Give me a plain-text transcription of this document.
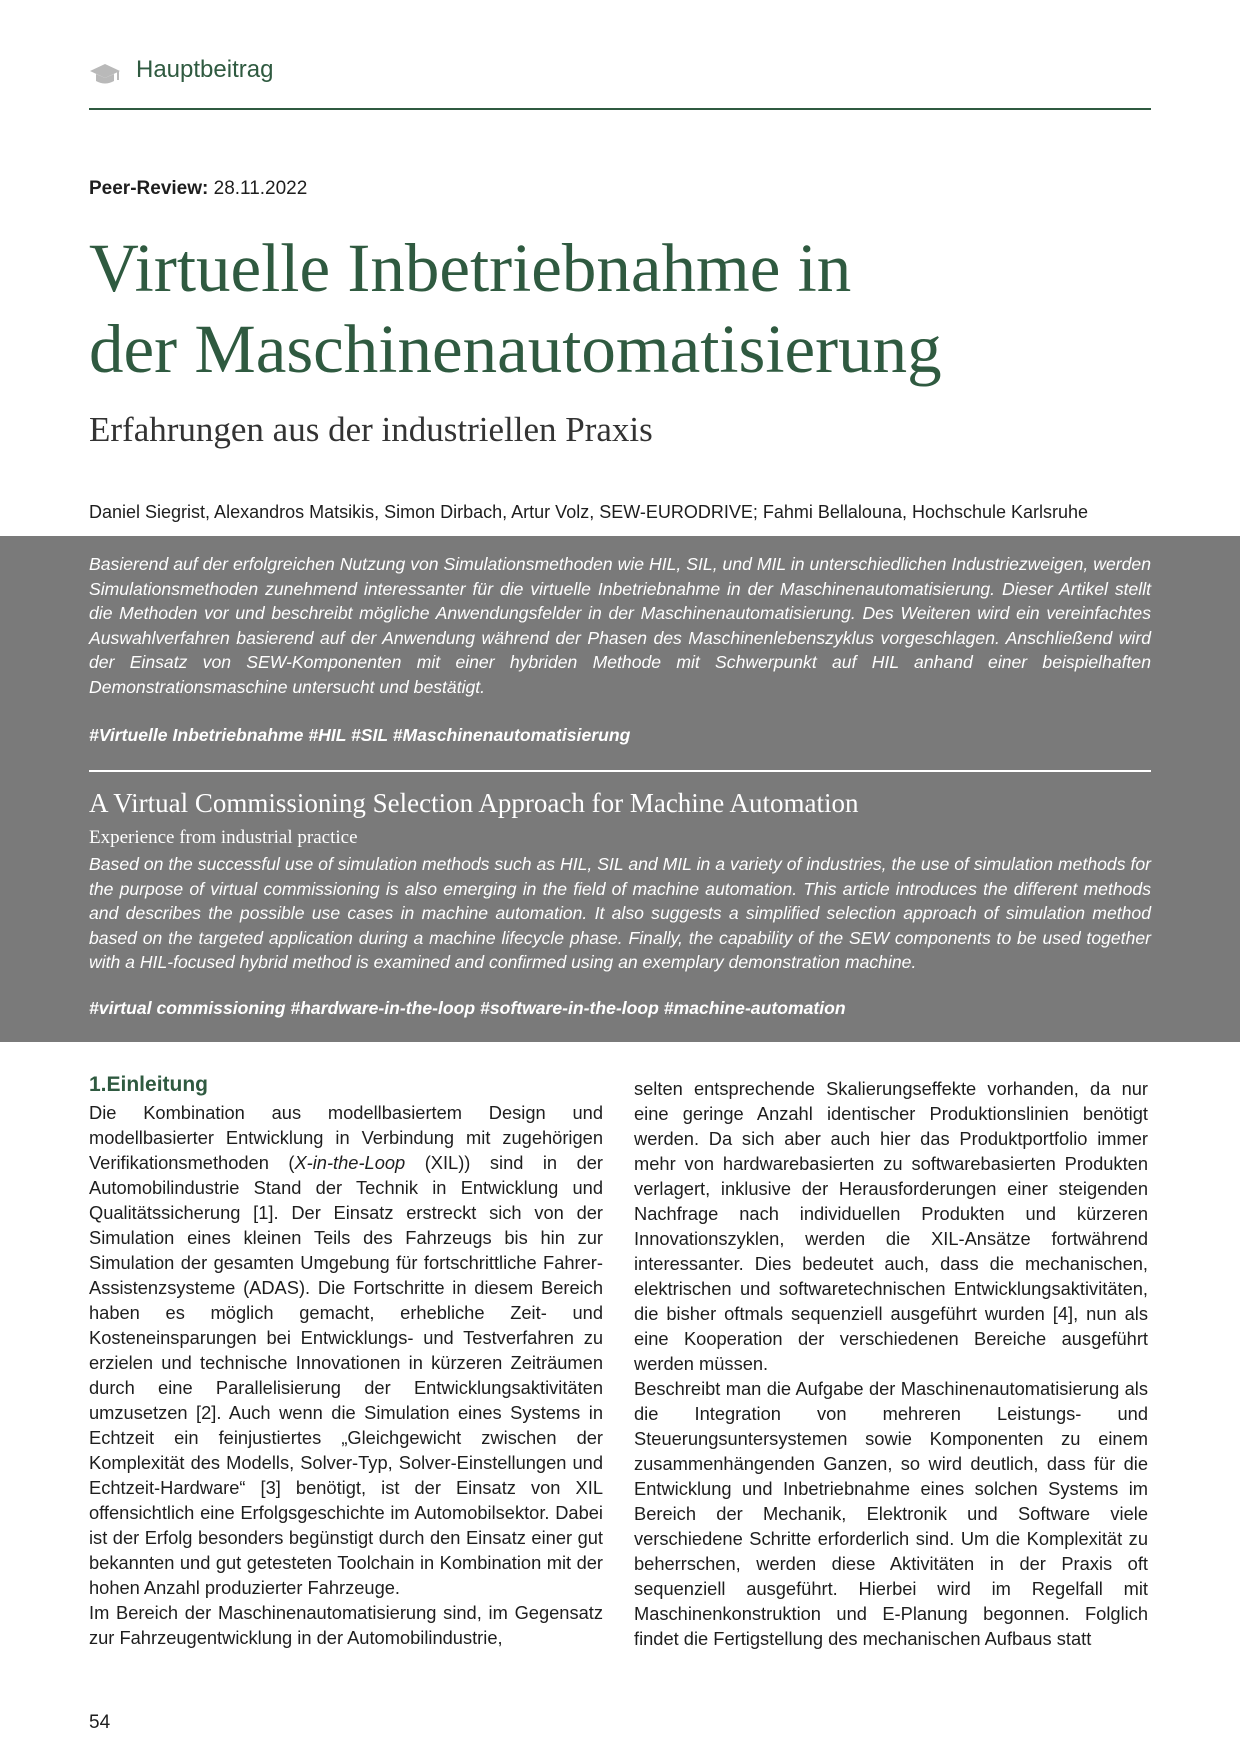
Hauptbeitrag
Peer-Review: 28.11.2022
Virtuelle Inbetriebnahme in
der Maschinenautomatisierung
Erfahrungen aus der industriellen Praxis
Daniel Siegrist, Alexandros Matsikis, Simon Dirbach, Artur Volz, SEW-EURODRIVE; Fahmi Bellalouna, Hochschule Karlsruhe
Basierend auf der erfolgreichen Nutzung von Simulationsmethoden wie HIL, SIL, und MIL in unterschiedlichen Industriezweigen, werden Simulationsmethoden zunehmend interessanter für die virtuelle Inbetriebnahme in der Maschinenautomatisierung. Dieser Artikel stellt die Methoden vor und beschreibt mögliche Anwendungsfelder in der Maschinenautomatisierung. Des Weiteren wird ein vereinfachtes Auswahlverfahren basierend auf der Anwendung während der Phasen des Maschinenlebenszyklus vorgeschlagen. Anschließend wird der Einsatz von SEW-Komponenten mit einer hybriden Methode mit Schwerpunkt auf HIL anhand einer beispielhaften Demonstrationsmaschine untersucht und bestätigt.
#Virtuelle Inbetriebnahme #HIL #SIL #Maschinenautomatisierung
A Virtual Commissioning Selection Approach for Machine Automation
Experience from industrial practice
Based on the successful use of simulation methods such as HIL, SIL and MIL in a variety of industries, the use of simulation methods for the purpose of virtual commissioning is also emerging in the field of machine automation. This article introduces the different methods and describes the possible use cases in machine automation. It also suggests a simplified selection approach of simulation method based on the targeted application during a machine lifecycle phase. Finally, the capability of the SEW components to be used together with a HIL-focused hybrid method is examined and confirmed using an exemplary demonstration machine.
#virtual commissioning #hardware-in-the-loop #software-in-the-loop #machine-automation
1.Einleitung

Die Kombination aus modellbasiertem Design und modellbasierter Entwicklung in Verbindung mit zugehörigen Verifikationsmethoden (X-in-the-Loop (XIL)) sind in der Automobilindustrie Stand der Technik in Entwicklung und Qualitätssicherung [1]. Der Einsatz erstreckt sich von der Simulation eines kleinen Teils des Fahrzeugs bis hin zur Simulation der gesamten Umgebung für fortschrittliche Fahrer-Assistenzsysteme (ADAS). Die Fortschritte in diesem Bereich haben es möglich gemacht, erhebliche Zeit- und Kosteneinsparungen bei Entwicklungs- und Testverfahren zu erzielen und technische Innovationen in kürzeren Zeiträumen durch eine Parallelisierung der Entwicklungsaktivitäten umzusetzen [2]. Auch wenn die Simulation eines Systems in Echtzeit ein feinjustiertes „Gleichgewicht zwischen der Komplexität des Modells, Solver-Typ, Solver-Einstellungen und Echtzeit-Hardware“ [3] benötigt, ist der Einsatz von XIL offensichtlich eine Erfolgsgeschichte im Automobilsektor. Dabei ist der Erfolg besonders begünstigt durch den Einsatz einer gut bekannten und gut getesteten Toolchain in Kombination mit der hohen Anzahl produzierter Fahrzeuge.

Im Bereich der Maschinenautomatisierung sind, im Gegensatz zur Fahrzeugentwicklung in der Automobilindustrie,

selten entsprechende Skalierungseffekte vorhanden, da nur eine geringe Anzahl identischer Produktionslinien benötigt werden. Da sich aber auch hier das Produktportfolio immer mehr von hardwarebasierten zu softwarebasierten Produkten verlagert, inklusive der Herausforderungen einer steigenden Nachfrage nach individuellen Produkten und kürzeren Innovationszyklen, werden die XIL-Ansätze fortwährend interessanter. Dies bedeutet auch, dass die mechanischen, elektrischen und softwaretechnischen Entwicklungsaktivitäten, die bisher oftmals sequenziell ausgeführt wurden [4], nun als eine Kooperation der verschiedenen Bereiche ausgeführt werden müssen.

Beschreibt man die Aufgabe der Maschinenautomatisierung als die Integration von mehreren Leistungs- und Steuerungsuntersystemen sowie Komponenten zu einem zusammenhängenden Ganzen, so wird deutlich, dass für die Entwicklung und Inbetriebnahme eines solchen Systems im Bereich der Mechanik, Elektronik und Software viele verschiedene Schritte erforderlich sind. Um die Komplexität zu beherrschen, werden diese Aktivitäten in der Praxis oft sequenziell ausgeführt. Hierbei wird im Regelfall mit Maschinenkonstruktion und E-Planung begonnen. Folglich findet die Fertigstellung des mechanischen Aufbaus statt

54
